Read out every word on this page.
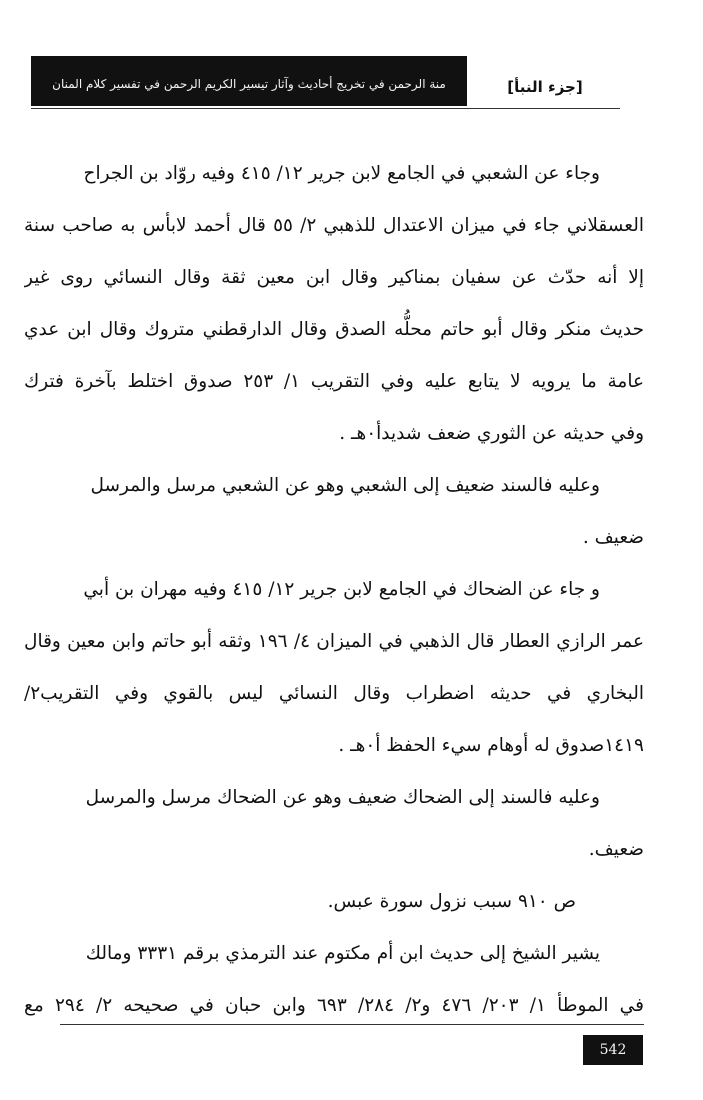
[جزء النبأ]
منة الرحمن في تخريج أحاديث وآثار تيسير الكريم الرحمن في تفسير كلام المنان
وجاء عن الشعبي في الجامع لابن جرير ١٢/ ٤١٥ وفيه روّاد بن الجراح
العسقلاني جاء في ميزان الاعتدال للذهبي ٢/ ٥٥ قال أحمد لابأس به صاحب سنة
إلا أنه حدّث عن سفيان بمناكير وقال ابن معين ثقة وقال النسائي روى غير
حديث منكر وقال أبو حاتم محلُّه الصدق وقال الدارقطني متروك وقال ابن عدي
عامة ما يرويه لا يتابع عليه وفي التقريب ١/ ٢٥٣ صدوق اختلط بآخرة فترك
وفي حديثه عن الثوري ضعف شديدأ٠هـ .
وعليه فالسند ضعيف إلى الشعبي وهو عن الشعبي مرسل والمرسل
ضعيف .
و جاء عن الضحاك في الجامع لابن جرير ١٢/ ٤١٥ وفيه مهران بن أبي
عمر الرازي العطار قال الذهبي في الميزان ٤/ ١٩٦ وثقه أبو حاتم وابن معين وقال
البخاري في حديثه اضطراب وقال النسائي ليس بالقوي وفي التقريب٢/
١٤١٩صدوق له أوهام سيء الحفظ أ٠هـ .
وعليه فالسند إلى الضحاك ضعيف وهو عن الضحاك مرسل والمرسل
ضعيف.
ص ٩١٠ سبب نزول سورة عبس.
يشير الشيخ إلى حديث ابن أم مكتوم عند الترمذي برقم ٣٣٣١ ومالك
في الموطأ ١/ ٢٠٣/ ٤٧٦ و٢/ ٢٨٤/ ٦٩٣ وابن حبان في صحيحه ٢/ ٢٩٤ مع
542
